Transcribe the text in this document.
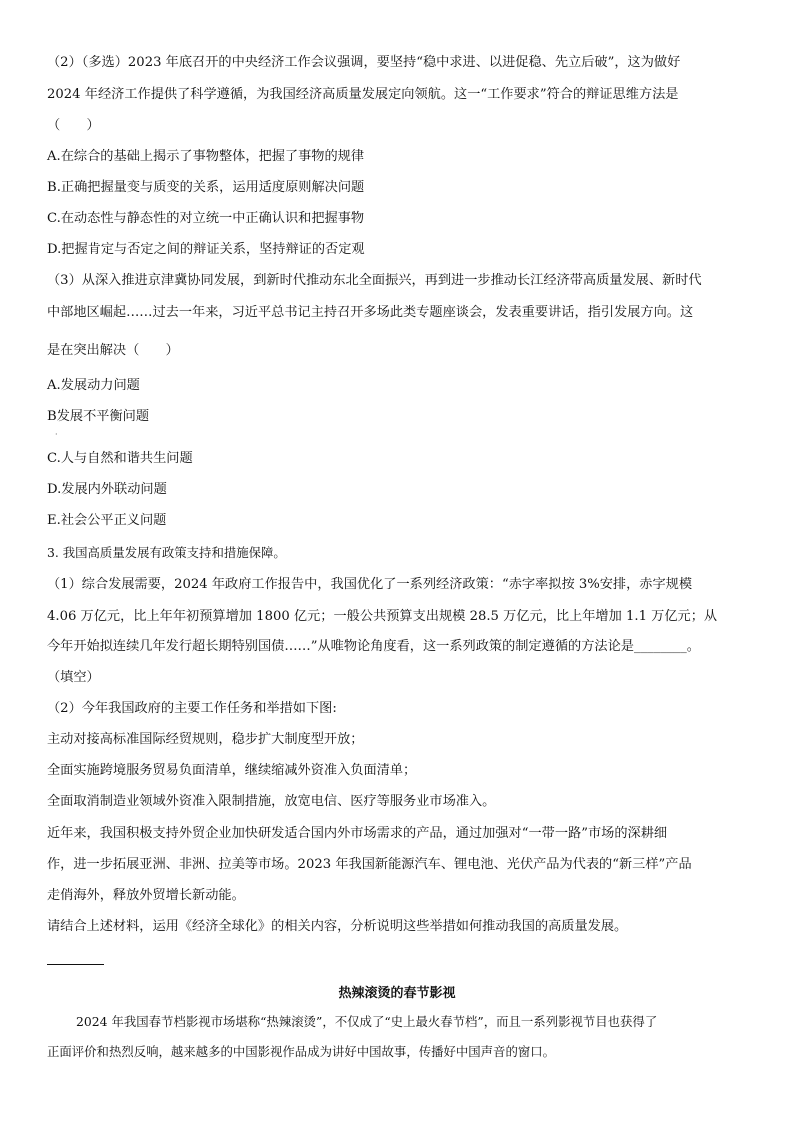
（2）（多选）2023 年底召开的中央经济工作会议强调，要坚持“稳中求进、以进促稳、先立后破”，这为做好
2024 年经济工作提供了科学遵循，为我国经济高质量发展定向领航。这一“工作要求”符合的辩证思维方法是
（　　）
A.在综合的基础上揭示了事物整体，把握了事物的规律
B.正确把握量变与质变的关系，运用适度原则解决问题
C.在动态性与静态性的对立统一中正确认识和把握事物
D.把握肯定与否定之间的辩证关系，坚持辩证的否定观
（3）从深入推进京津冀协同发展，到新时代推动东北全面振兴，再到进一步推动长江经济带高质量发展、新时代
中部地区崛起……过去一年来，习近平总书记主持召开多场此类专题座谈会，发表重要讲话，指引发展方向。这
是在突出解决（　　）
A.发展动力问题
B发展不平衡问题
·
C.人与自然和谐共生问题
D.发展内外联动问题
E.社会公平正义问题
3. 我国高质量发展有政策支持和措施保障。
（1）综合发展需要，2024 年政府工作报告中，我国优化了一系列经济政策：“赤字率拟按 3%安排，赤字规模
4.06 万亿元，比上年年初预算增加 1800 亿元；一般公共预算支出规模 28.5 万亿元，比上年增加 1.1 万亿元；从
今年开始拟连续几年发行超长期特别国债……”从唯物论角度看，这一系列政策的制定遵循的方法论是________。
（填空）
（2）今年我国政府的主要工作任务和举措如下图:
主动对接高标准国际经贸规则，稳步扩大制度型开放；
全面实施跨境服务贸易负面清单，继续缩减外资准入负面清单；
全面取消制造业领域外资准入限制措施，放宽电信、医疗等服务业市场准入。
近年来，我国积极支持外贸企业加快研发适合国内外市场需求的产品，通过加强对“一带一路”市场的深耕细
作，进一步拓展亚洲、非洲、拉美等市场。2023 年我国新能源汽车、锂电池、光伏产品为代表的“新三样”产品
走俏海外，释放外贸增长新动能。
请结合上述材料，运用《经济全球化》的相关内容，分析说明这些举措如何推动我国的高质量发展。
热辣滚烫的春节影视
2024 年我国春节档影视市场堪称“热辣滚烫”，不仅成了“史上最火春节档”，而且一系列影视节目也获得了
正面评价和热烈反响，越来越多的中国影视作品成为讲好中国故事，传播好中国声音的窗口。
